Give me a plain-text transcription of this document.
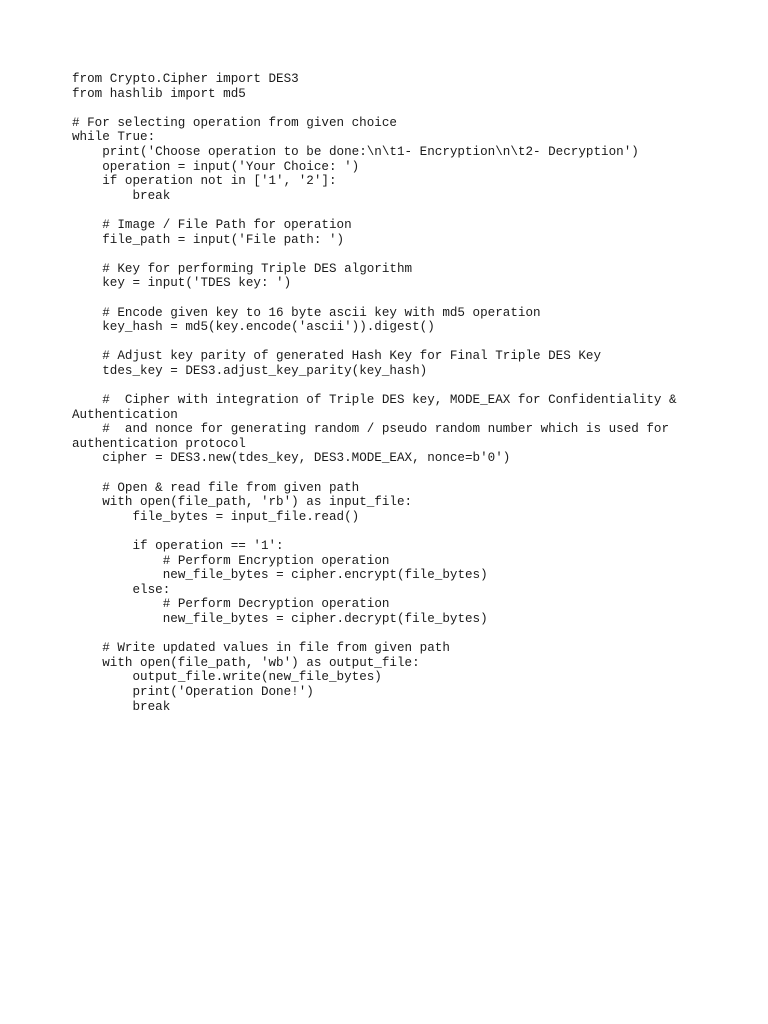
from Crypto.Cipher import DES3
from hashlib import md5
# For selecting operation from given choice
while True:
print('Choose operation to be done:\n\t1- Encryption\n\t2- Decryption')
operation = input('Your Choice: ')
if operation not in ['1', '2']:
break
# Image / File Path for operation
file_path = input('File path: ')
# Key for performing Triple DES algorithm
key = input('TDES key: ')
# Encode given key to 16 byte ascii key with md5 operation
key_hash = md5(key.encode('ascii')).digest()
# Adjust key parity of generated Hash Key for Final Triple DES Key
tdes_key = DES3.adjust_key_parity(key_hash)
#  Cipher with integration of Triple DES key, MODE_EAX for Confidentiality & Authentication
#  and nonce for generating random / pseudo random number which is used for authentication protocol
cipher = DES3.new(tdes_key, DES3.MODE_EAX, nonce=b'0')
# Open & read file from given path
with open(file_path, 'rb') as input_file:
file_bytes = input_file.read()
if operation == '1':
# Perform Encryption operation
new_file_bytes = cipher.encrypt(file_bytes)
else:
# Perform Decryption operation
new_file_bytes = cipher.decrypt(file_bytes)
# Write updated values in file from given path
with open(file_path, 'wb') as output_file:
output_file.write(new_file_bytes)
print('Operation Done!')
break
